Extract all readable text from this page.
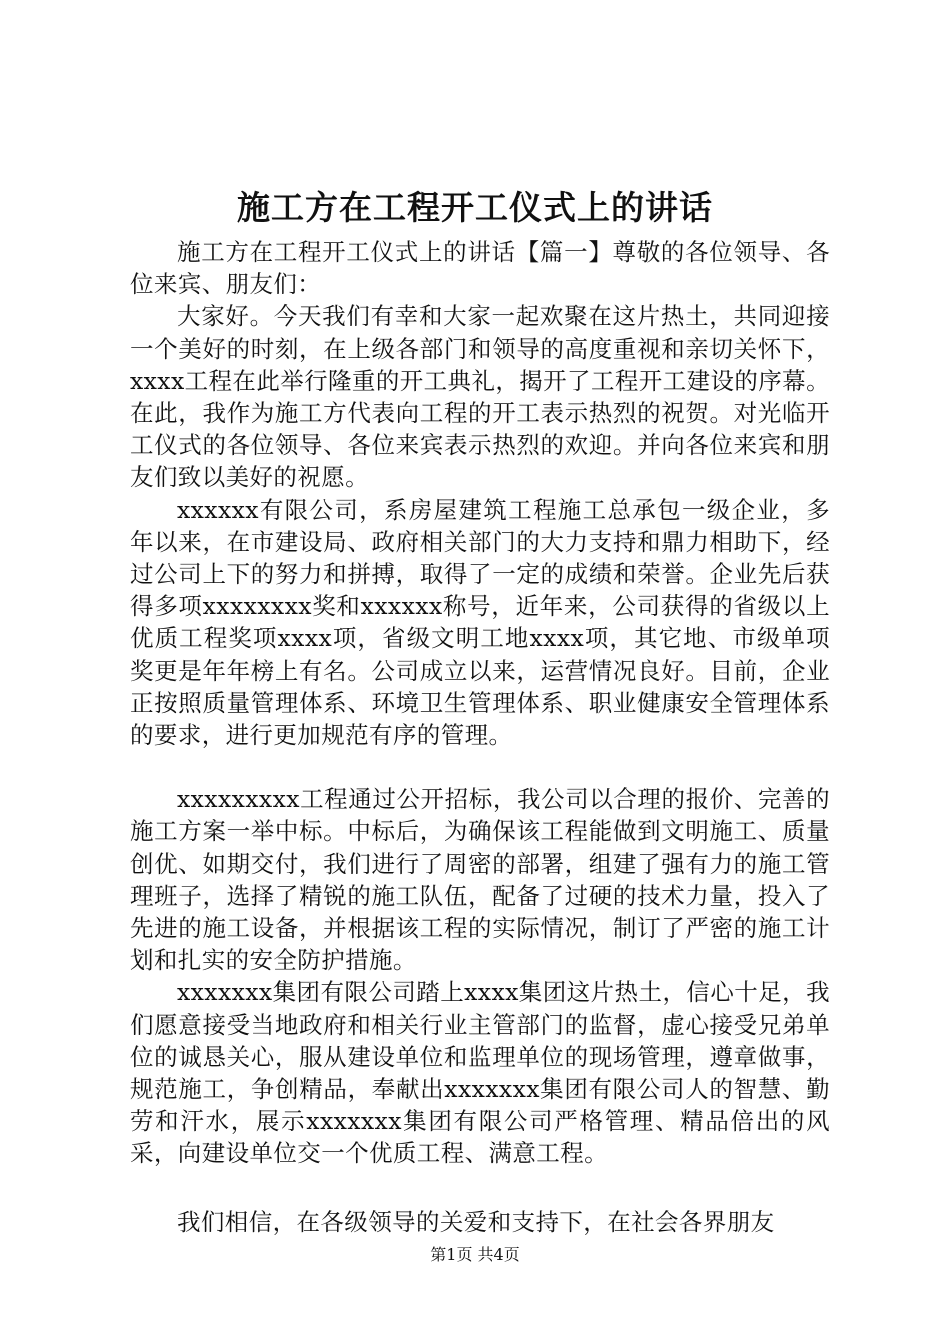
施工方在工程开工仪式上的讲话

施工方在工程开工仪式上的讲话【篇一】尊敬的各位领导、各位来宾、朋友们：

大家好。今天我们有幸和大家一起欢聚在这片热土，共同迎接一个美好的时刻，在上级各部门和领导的高度重视和亲切关怀下，xxxx工程在此举行隆重的开工典礼，揭开了工程开工建设的序幕。在此，我作为施工方代表向工程的开工表示热烈的祝贺。对光临开工仪式的各位领导、各位来宾表示热烈的欢迎。并向各位来宾和朋友们致以美好的祝愿。

xxxxxx有限公司，系房屋建筑工程施工总承包一级企业，多年以来，在市建设局、政府相关部门的大力支持和鼎力相助下，经过公司上下的努力和拼搏，取得了一定的成绩和荣誉。企业先后获得多项xxxxxxxx奖和xxxxxx称号，近年来，公司获得的省级以上优质工程奖项xxxx项，省级文明工地xxxx项，其它地、市级单项奖更是年年榜上有名。公司成立以来，运营情况良好。目前，企业正按照质量管理体系、环境卫生管理体系、职业健康安全管理体系的要求，进行更加规范有序的管理。

xxxxxxxxx工程通过公开招标，我公司以合理的报价、完善的施工方案一举中标。中标后，为确保该工程能做到文明施工、质量创优、如期交付，我们进行了周密的部署，组建了强有力的施工管理班子，选择了精锐的施工队伍，配备了过硬的技术力量，投入了先进的施工设备，并根据该工程的实际情况，制订了严密的施工计划和扎实的安全防护措施。

xxxxxxx集团有限公司踏上xxxx集团这片热土，信心十足，我们愿意接受当地政府和相关行业主管部门的监督，虚心接受兄弟单位的诚恳关心，服从建设单位和监理单位的现场管理，遵章做事，规范施工，争创精品，奉献出xxxxxxx集团有限公司人的智慧、勤劳和汗水，展示xxxxxxx集团有限公司严格管理、精品倍出的风采，向建设单位交一个优质工程、满意工程。

我们相信，在各级领导的关爱和支持下，在社会各界朋友

第1页 共4页
